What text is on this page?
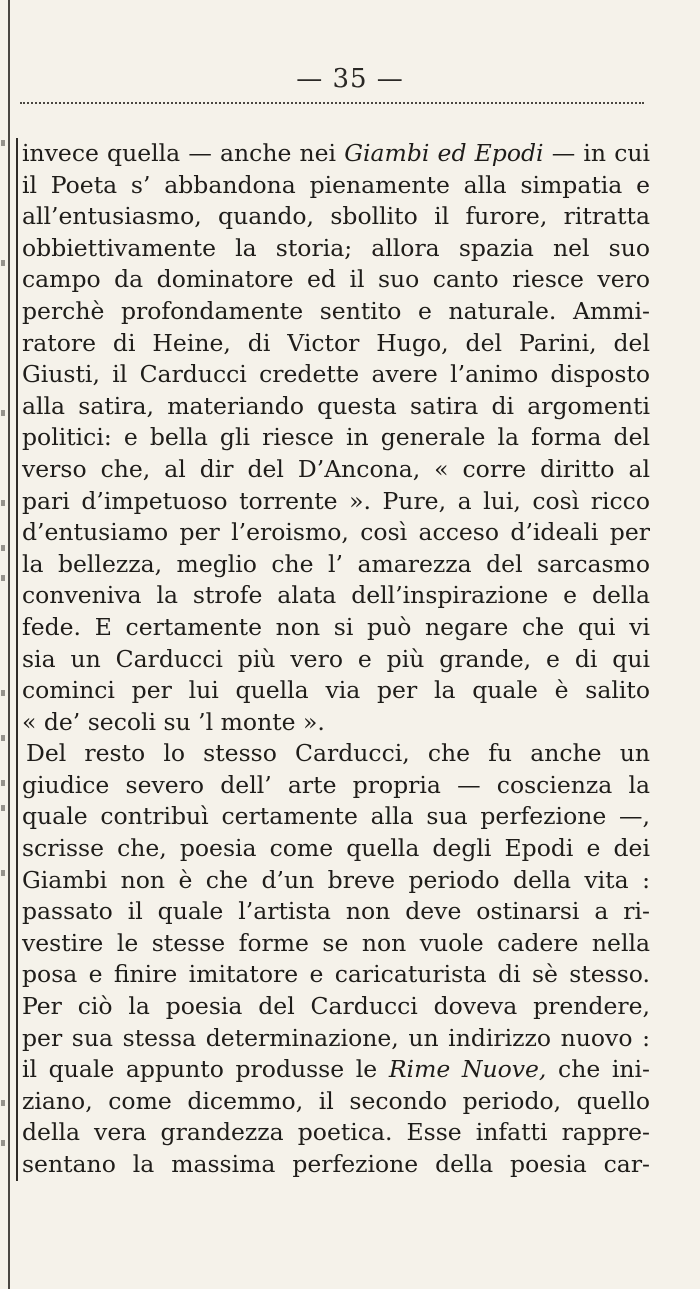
— 35 —
invece quella — anche nei Giambi ed Epodi — in cui
il Poeta s’ abbandona pienamente alla simpatia e
all’entusiasmo, quando, sbollito il furore, ritratta
obbiettivamente la storia; allora spazia nel suo
campo da dominatore ed il suo canto riesce vero
perchè profondamente sentito e naturale. Ammi-
ratore di Heine, di Victor Hugo, del Parini, del
Giusti, il Carducci credette avere l’animo disposto
alla satira, materiando questa satira di argomenti
politici: e bella gli riesce in generale la forma del
verso che, al dir del D’Ancona, « corre diritto al
pari d’impetuoso torrente ». Pure, a lui, così ricco
d’entusiamo per l’eroismo, così acceso d’ideali per
la bellezza, meglio che l’ amarezza del sarcasmo
conveniva la strofe alata dell’inspirazione e della
fede. E certamente non si può negare che qui vi
sia un Carducci più vero e più grande, e di qui
cominci per lui quella via per la quale è salito
« de’ secoli su ’l monte ».
Del resto lo stesso Carducci, che fu anche un
giudice severo dell’ arte propria — coscienza la
quale contribuì certamente alla sua perfezione —,
scrisse che, poesia come quella degli Epodi e dei
Giambi non è che d’un breve periodo della vita :
passato il quale l’artista non deve ostinarsi a ri-
vestire le stesse forme se non vuole cadere nella
posa e finire imitatore e caricaturista di sè stesso.
Per ciò la poesia del Carducci doveva prendere,
per sua stessa determinazione, un indirizzo nuovo :
il quale appunto produsse le Rime Nuove, che ini-
ziano, come dicemmo, il secondo periodo, quello
della vera grandezza poetica. Esse infatti rappre-
sentano la massima perfezione della poesia car-
